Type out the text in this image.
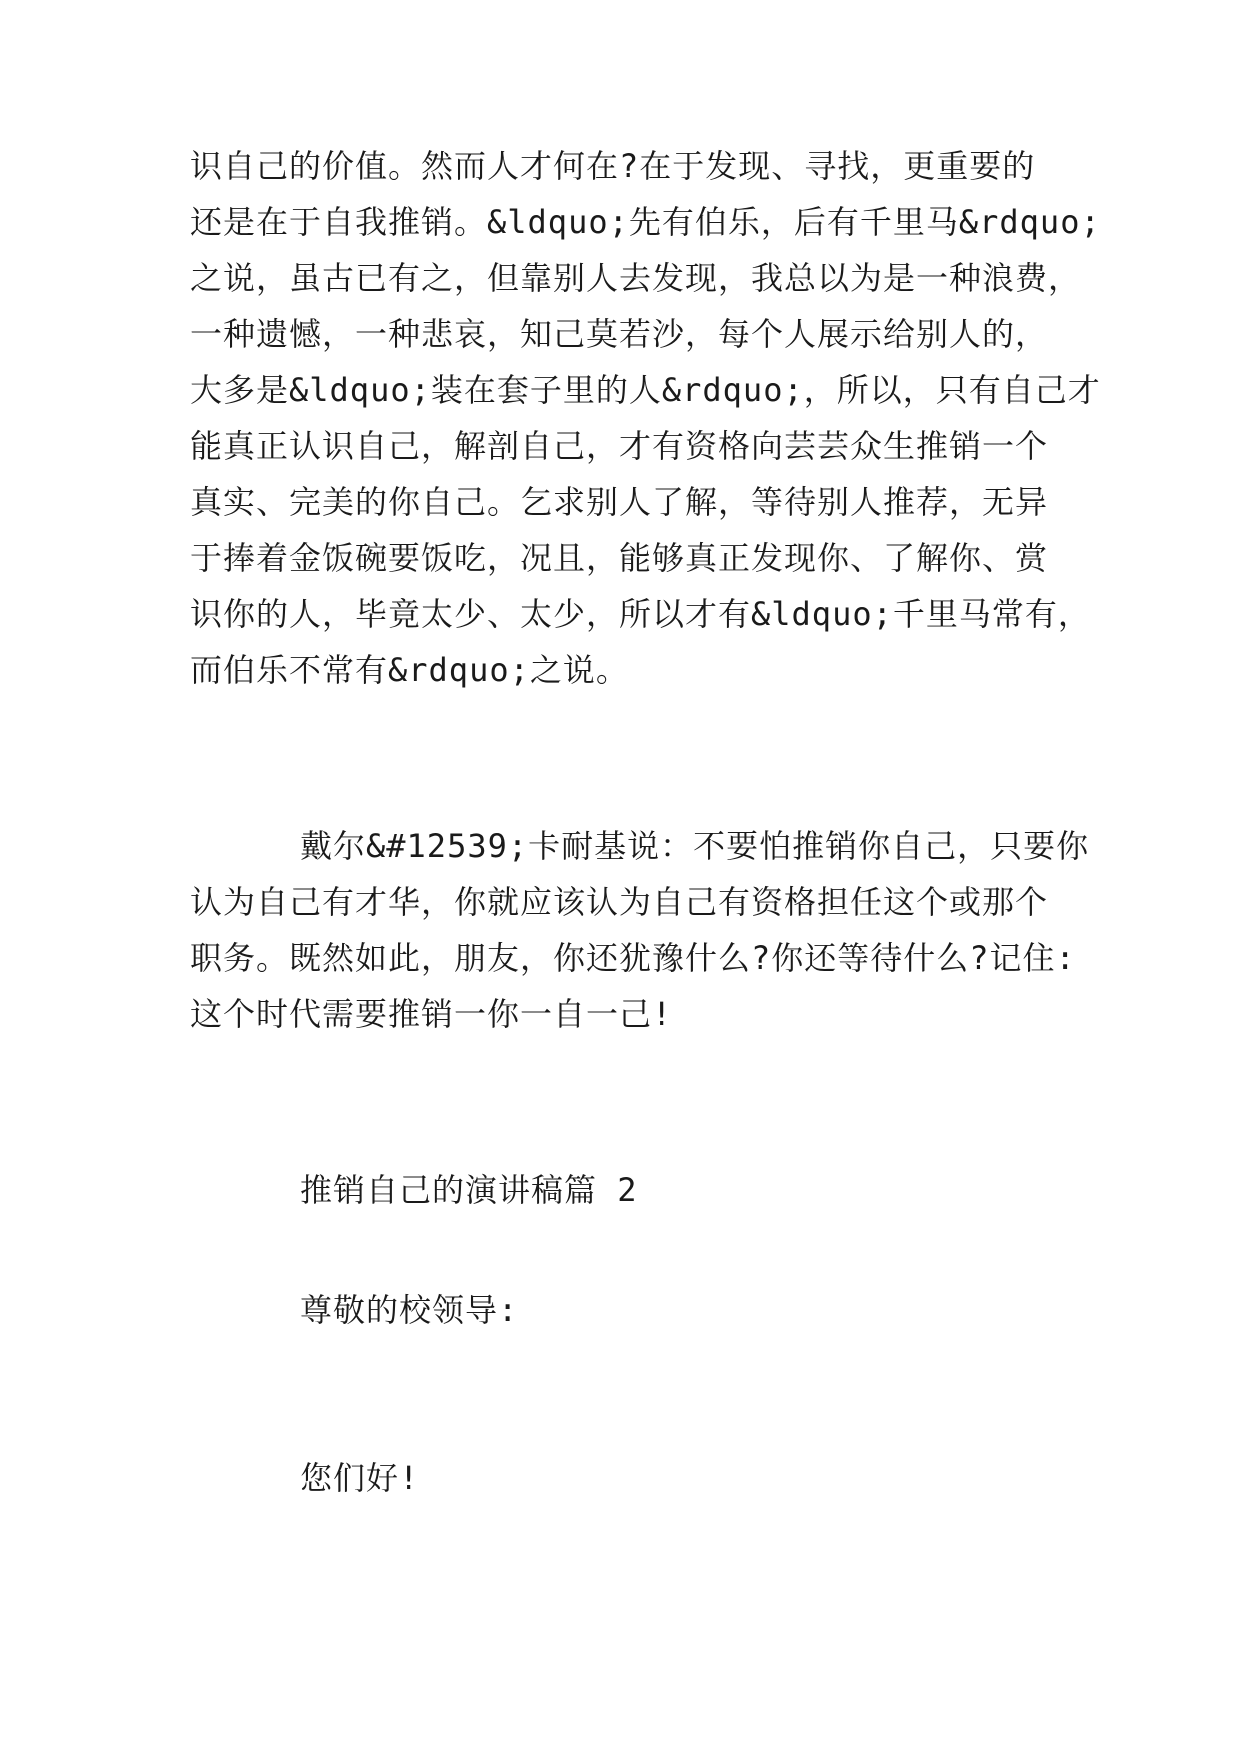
识自己的价值。然而人才何在?在于发现、寻找，更重要的
还是在于自我推销。&ldquo;先有伯乐，后有千里马&rdquo;
之说，虽古已有之，但靠别人去发现，我总以为是一种浪费，
一种遗憾，一种悲哀，知己莫若沙，每个人展示给别人的，
大多是&ldquo;装在套子里的人&rdquo;，所以，只有自己才
能真正认识自己，解剖自己，才有资格向芸芸众生推销一个
真实、完美的你自己。乞求别人了解，等待别人推荐，无异
于捧着金饭碗要饭吃，况且，能够真正发现你、了解你、赏
识你的人，毕竟太少、太少，所以才有&ldquo;千里马常有，
而伯乐不常有&rdquo;之说。
戴尔&#12539;卡耐基说：不要怕推销你自己，只要你
认为自己有才华，你就应该认为自己有资格担任这个或那个
职务。既然如此，朋友，你还犹豫什么?你还等待什么?记住:
这个时代需要推销一你一自一己!
推销自己的演讲稿篇 2
尊敬的校领导:
您们好!
